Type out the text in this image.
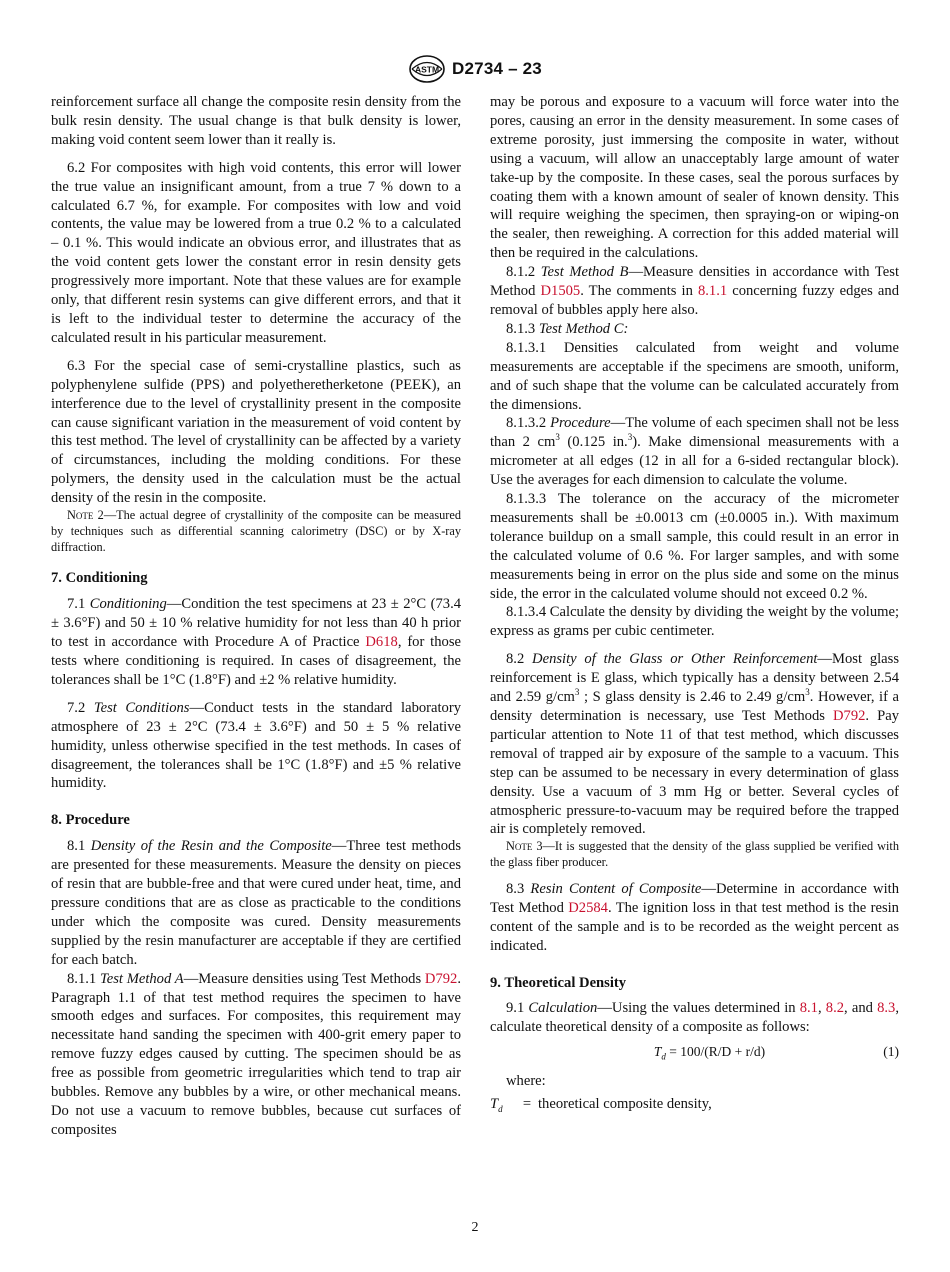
ASTM D2734 – 23

reinforcement surface all change the composite resin density from the bulk resin density. The usual change is that bulk density is lower, making void content seem lower than it really is.

6.2 For composites with high void contents, this error will lower the true value an insignificant amount, from a true 7 % down to a calculated 6.7 %, for example. For composites with low and void contents, the value may be lowered from a true 0.2 % to a calculated – 0.1 %. This would indicate an obvious error, and illustrates that as the void content gets lower the constant error in resin density gets progressively more important. Note that these values are for example only, that different resin systems can give different errors, and that it is left to the individual tester to determine the accuracy of the calculated result in his particular measurement.

6.3 For the special case of semi-crystalline plastics, such as polyphenylene sulfide (PPS) and polyetheretherketone (PEEK), an interference due to the level of crystallinity present in the composite can cause significant variation in the measurement of void content by this test method. The level of crystallinity can be affected by a variety of circumstances, including the molding conditions. For these polymers, the density used in the calculation must be the actual density of the resin in the composite.

Note 2—The actual degree of crystallinity of the composite can be measured by techniques such as differential scanning calorimetry (DSC) or by X-ray diffraction.

7. Conditioning

7.1 Conditioning—Condition the test specimens at 23 ± 2°C (73.4 ± 3.6°F) and 50 ± 10 % relative humidity for not less than 40 h prior to test in accordance with Procedure A of Practice D618, for those tests where conditioning is required. In cases of disagreement, the tolerances shall be 1°C (1.8°F) and ±2 % relative humidity.

7.2 Test Conditions—Conduct tests in the standard laboratory atmosphere of 23 ± 2°C (73.4 ± 3.6°F) and 50 ± 5 % relative humidity, unless otherwise specified in the test methods. In cases of disagreement, the tolerances shall be 1°C (1.8°F) and ±5 % relative humidity.

8. Procedure

8.1 Density of the Resin and the Composite—Three test methods are presented for these measurements. Measure the density on pieces of resin that are bubble-free and that were cured under heat, time, and pressure conditions that are as close as practicable to the conditions under which the composite was cured. Density measurements supplied by the resin manufacturer are acceptable if they are certified for each batch.

8.1.1 Test Method A—Measure densities using Test Methods D792. Paragraph 1.1 of that test method requires the specimen to have smooth edges and surfaces. For composites, this requirement may necessitate hand sanding the specimen with 400-grit emery paper to remove fuzzy edges caused by cutting. The specimen should be as free as possible from geometric irregularities which tend to trap air bubbles. Remove any bubbles by a wire, or other mechanical means. Do not use a vacuum to remove bubbles, because cut surfaces of composites

may be porous and exposure to a vacuum will force water into the pores, causing an error in the density measurement. In some cases of extreme porosity, just immersing the composite in water, without using a vacuum, will allow an unacceptably large amount of water take-up by the composite. In these cases, seal the porous surfaces by coating them with a known amount of sealer of known density. This will require weighing the specimen, then spraying-on or wiping-on the sealer, then reweighing. A correction for this added material will then be required in the calculations.

8.1.2 Test Method B—Measure densities in accordance with Test Method D1505. The comments in 8.1.1 concerning fuzzy edges and removal of bubbles apply here also.

8.1.3 Test Method C:

8.1.3.1 Densities calculated from weight and volume measurements are acceptable if the specimens are smooth, uniform, and of such shape that the volume can be calculated accurately from the dimensions.

8.1.3.2 Procedure—The volume of each specimen shall not be less than 2 $cm^3$ (0.125 in.$^3$). Make dimensional measurements with a micrometer at all edges (12 in all for a 6-sided rectangular block). Use the averages for each dimension to calculate the volume.

8.1.3.3 The tolerance on the accuracy of the micrometer measurements shall be ±0.0013 cm (±0.0005 in.). With maximum tolerance buildup on a small sample, this could result in an error in the calculated volume of 0.6 %. For larger samples, and with some measurements being in error on the plus side and some on the minus side, the error in the calculated volume should not exceed 0.2 %.

8.1.3.4 Calculate the density by dividing the weight by the volume; express as grams per cubic centimeter.

8.2 Density of the Glass or Other Reinforcement—Most glass reinforcement is E glass, which typically has a density between 2.54 and 2.59 $g/cm^3$ ; S glass density is 2.46 to 2.49 $g/cm^3$. However, if a density determination is necessary, use Test Methods D792. Pay particular attention to Note 11 of that test method, which discusses removal of trapped air by exposure of the sample to a vacuum. This step can be assumed to be necessary in every determination of glass density. Use a vacuum of 3 mm Hg or better. Several cycles of atmospheric pressure-to-vacuum may be required before the trapped air is completely removed.

Note 3—It is suggested that the density of the glass supplied be verified with the glass fiber producer.

8.3 Resin Content of Composite—Determine in accordance with Test Method D2584. The ignition loss in that test method is the resin content of the sample and is to be recorded as the weight percent as indicated.

9. Theoretical Density

9.1 Calculation—Using the values determined in 8.1, 8.2, and 8.3, calculate theoretical density of a composite as follows:

$T_d = 100/(R/D + r/d)$	(1)

where:

$T_d$	= theoretical composite density,
2
